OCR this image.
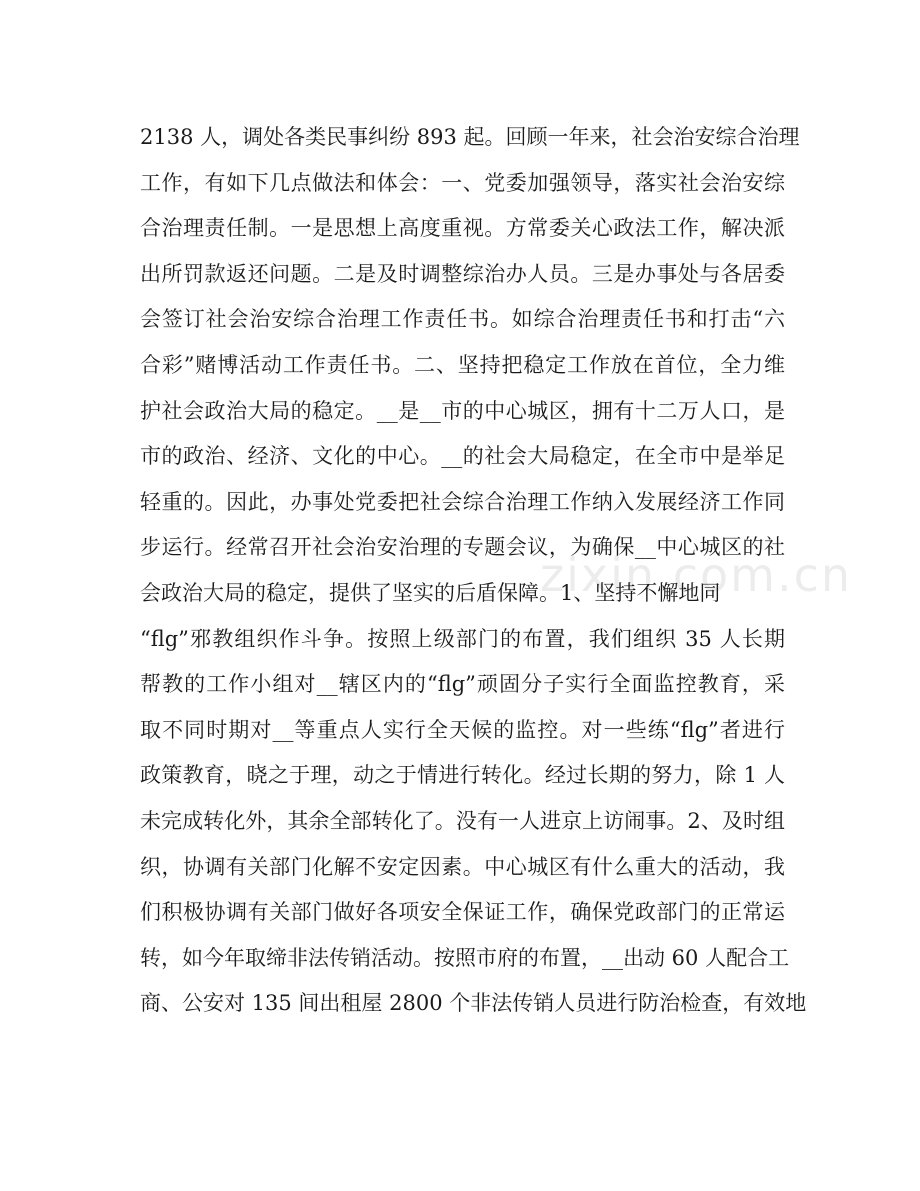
2138 人，调处各类民事纠纷 893 起。回顾一年来，社会治安综合治理
工作，有如下几点做法和体会：一、党委加强领导，落实社会治安综
合治理责任制。一是思想上高度重视。方常委关心政法工作，解决派
出所罚款返还问题。二是及时调整综治办人员。三是办事处与各居委
会签订社会治安综合治理工作责任书。如综合治理责任书和打击“六
合彩”赌博活动工作责任书。二、坚持把稳定工作放在首位，全力维
护社会政治大局的稳定。__是__市的中心城区，拥有十二万人口，是
市的政治、经济、文化的中心。__的社会大局稳定，在全市中是举足
轻重的。因此，办事处党委把社会综合治理工作纳入发展经济工作同
步运行。经常召开社会治安治理的专题会议，为确保__中心城区的社
会政治大局的稳定，提供了坚实的后盾保障。1、坚持不懈地同
“flg”邪教组织作斗争。按照上级部门的布置，我们组织 35 人长期
帮教的工作小组对__辖区内的“flg”顽固分子实行全面监控教育，采
取不同时期对__等重点人实行全天候的监控。对一些练“flg”者进行
政策教育，晓之于理，动之于情进行转化。经过长期的努力，除 1 人
未完成转化外，其余全部转化了。没有一人进京上访闹事。2、及时组
织，协调有关部门化解不安定因素。中心城区有什么重大的活动，我
们积极协调有关部门做好各项安全保证工作，确保党政部门的正常运
转，如今年取缔非法传销活动。按照市府的布置，__出动 60 人配合工
商、公安对 135 间出租屋 2800 个非法传销人员进行防治检查，有效地
zixin.com.cn
